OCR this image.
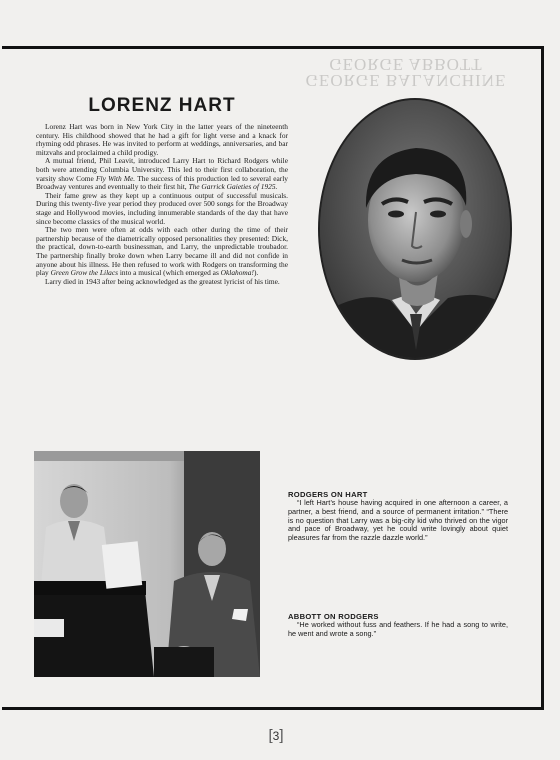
GEORGE BALANCHINE
GEORGE ABBOTT
LORENZ HART

Lorenz Hart was born in New York City in the latter years of the nineteenth century. His childhood showed that he had a gift for light verse and a knack for rhyming odd phrases. He was invited to perform at weddings, anniversaries, and bar mitzvahs and proclaimed a child prodigy.

A mutual friend, Phil Leavit, introduced Larry Hart to Richard Rodgers while both were attending Columbia University. This led to their first collaboration, the varsity show Come Fly With Me. The success of this production led to several early Broadway ventures and eventually to their first hit, The Garrick Gaieties of 1925.

Their fame grew as they kept up a continuous output of successful musicals. During this twenty-five year period they produced over 500 songs for the Broadway stage and Hollywood movies, including innumerable standards of the day that have since become classics of the musical world.

The two men were often at odds with each other during the time of their partnership because of the diametrically opposed personalities they presented: Dick, the practical, down-to-earth businessman, and Larry, the unpredictable troubador. The partnership finally broke down when Larry became ill and did not confide in anyone about his illness. He then refused to work with Rodgers on transforming the play Green Grow the Lilacs into a musical (which emerged as Oklahoma!).

Larry died in 1943 after being acknowledged as the greatest lyricist of his time.

RODGERS ON HART
“I left Hart’s house having acquired in one afternoon a career, a partner, a best friend, and a source of permanent irritation.” “There is no question that Larry was a big-city kid who thrived on the vigor and pace of Broadway, yet he could write lovingly about quiet pleasures far from the razzle dazzle world.”
ABBOTT ON RODGERS
“He worked without fuss and feathers. If he had a song to write, he went and wrote a song.”
[ 3 ]
